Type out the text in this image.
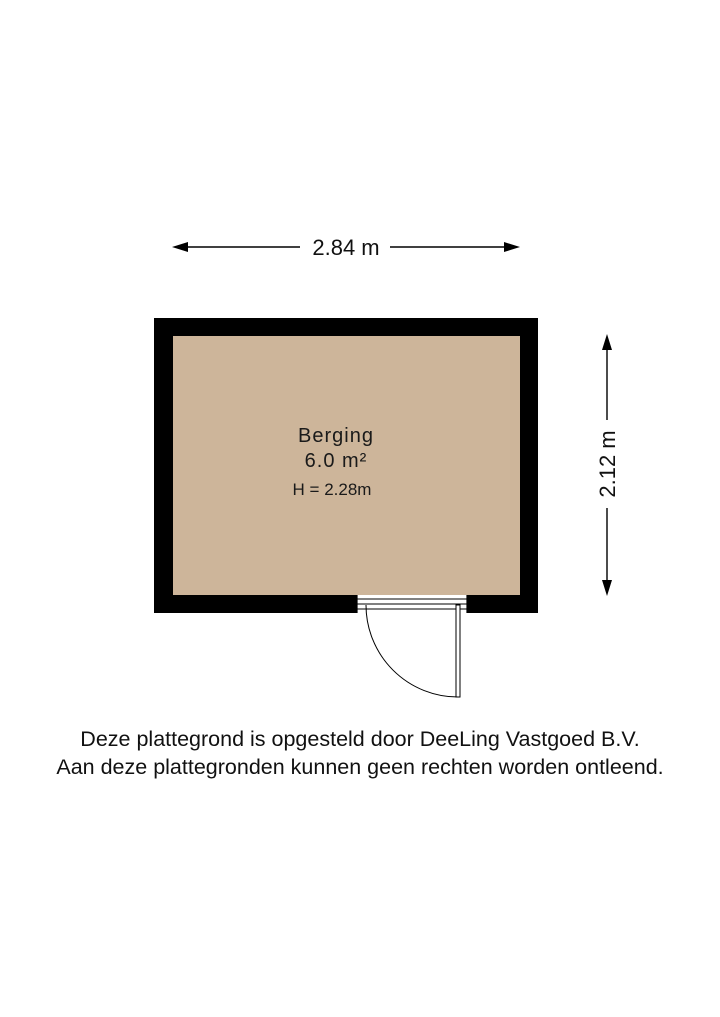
2.84 m
2.12 m
Berging
6.0 m²
H = 2.28m
Deze plattegrond is opgesteld door DeeLing Vastgoed B.V.
Aan deze plattegronden kunnen geen rechten worden ontleend.
